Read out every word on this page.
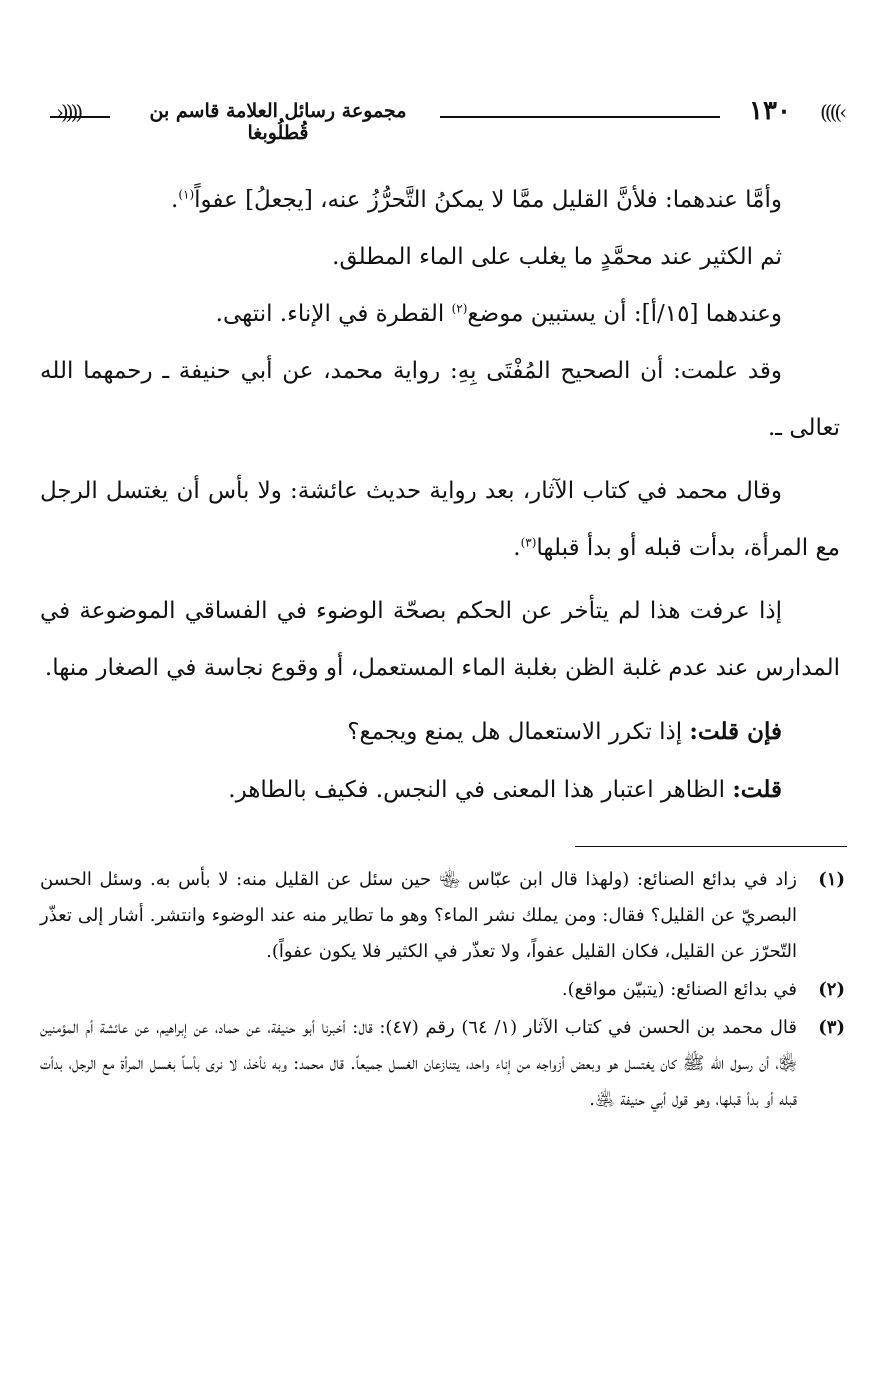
((((‹
١٣٠
مجموعة رسائل العلامة قاسم بن قُطلُوبغا
›))))

وأمَّا عندهما: فلأنَّ القليل ممَّا لا يمكنُ التَّحرُّزُ عنه، [يجعلُ] عفواً$^{(١)}$.

ثم الكثير عند محمَّدٍ ما يغلب على الماء المطلق.

وعندهما [١٥/أ]: أن يستبين موضع$^{(٢)}$ القطرة في الإناء. انتهى.

وقد علمت: أن الصحيح المُفْتَى بِهِ: رواية محمد، عن أبي حنيفة ـ رحمهما الله تعالى ـ.

وقال محمد في كتاب الآثار، بعد رواية حديث عائشة: ولا بأس أن يغتسل الرجل مع المرأة، بدأت قبله أو بدأ قبلها$^{(٣)}$.

إذا عرفت هذا لم يتأخر عن الحكم بصحّة الوضوء في الفساقي الموضوعة في المدارس عند عدم غلبة الظن بغلبة الماء المستعمل، أو وقوع نجاسة في الصغار منها.

فإن قلت: إذا تكرر الاستعمال هل يمنع ويجمع؟

قلت: الظاهر اعتبار هذا المعنى في النجس. فكيف بالطاهر.

(١)
زاد في بدائع الصنائع: (ولهذا قال ابن عبّاس ﵄ حين سئل عن القليل منه: لا بأس به. وسئل الحسن البصريّ عن القليل؟ فقال: ومن يملك نشر الماء؟ وهو ما تطاير منه عند الوضوء وانتشر. أشار إلى تعذّر التّحرّز عن القليل، فكان القليل عفواً، ولا تعذّر في الكثير فلا يكون عفواً).
(٢)
في بدائع الصنائع: (يتبيّن مواقع).
(٣)
قال محمد بن الحسن في كتاب الآثار (١/ ٦٤) رقم (٤٧): قال: أخبرنا أبو حنيفة، عن حماد، عن إبراهيم، عن عائشة أم المؤمنين ﵂، أن رسول الله ﷺ كان يغتسل هو وبعض أزواجه من إناء واحد، يتنازعان الغسل جميعاً. قال محمد: وبه نأخذ، لا نرى بأساً بغسل المرأة مع الرجل، بدأت قبله أو بدأ قبلها، وهو قول أبي حنيفة ﵁.
